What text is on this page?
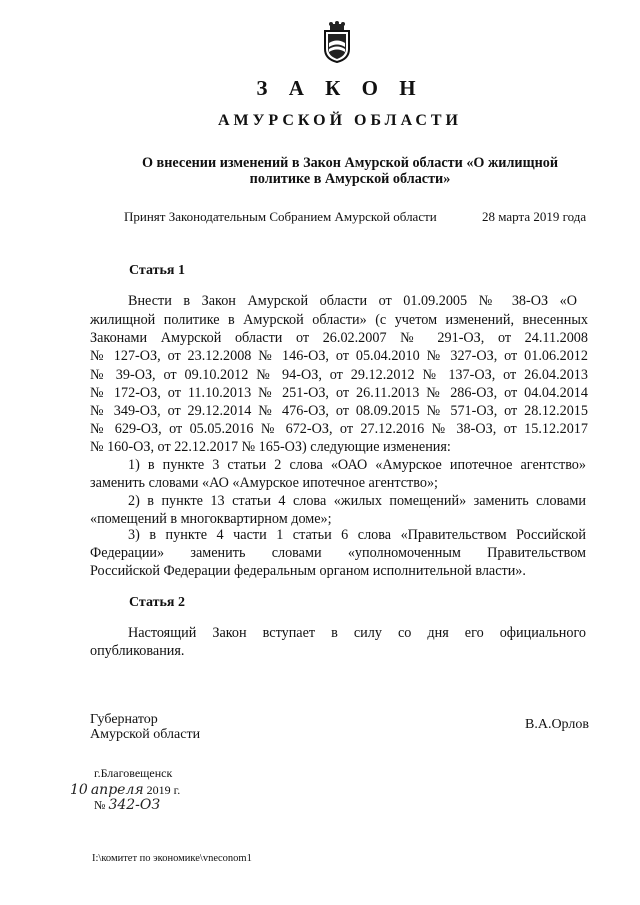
З А К О Н
АМУРСКОЙ ОБЛАСТИ
О внесении изменений в Закон Амурской области «О жилищной
политике в Амурской области»
Принят Законодательным Собранием Амурской области	28 марта 2019 года
Статья 1
Внести в Закон Амурской области от 01.09.2005 № 38-ОЗ «О
жилищной политике в Амурской области» (с учетом изменений, внесенных
Законами Амурской области от 26.02.2007 № 291-ОЗ, от 24.11.2008
№ 127-ОЗ, от 23.12.2008 № 146-ОЗ, от 05.04.2010 № 327-ОЗ, от 01.06.2012
№ 39-ОЗ, от 09.10.2012 № 94-ОЗ, от 29.12.2012 № 137-ОЗ, от 26.04.2013
№ 172-ОЗ, от 11.10.2013 № 251-ОЗ, от 26.11.2013 № 286-ОЗ, от 04.04.2014
№ 349-ОЗ, от 29.12.2014 № 476-ОЗ, от 08.09.2015 № 571-ОЗ, от 28.12.2015
№ 629-ОЗ, от 05.05.2016 № 672-ОЗ, от 27.12.2016 № 38-ОЗ, от 15.12.2017
№ 160-ОЗ, от 22.12.2017 № 165-ОЗ) следующие изменения:
1) в пункте 3 статьи 2 слова «ОАО «Амурское ипотечное агентство»
заменить словами «АО «Амурское ипотечное агентство»;
2) в пункте 13 статьи 4 слова «жилых помещений» заменить словами
«помещений в многоквартирном доме»;
3) в пункте 4 части 1 статьи 6 слова «Правительством Российской
Федерации» заменить словами «уполномоченным Правительством
Российской Федерации федеральным органом исполнительной власти».
Статья 2
Настоящий Закон вступает в силу со дня его официального
опубликования.
Губернатор
Амурской области
В.А.Орлов
г.Благовещенск
10 апреля 2019 г.
№ 342-ОЗ
I:\комитет по экономике\vneconom1
